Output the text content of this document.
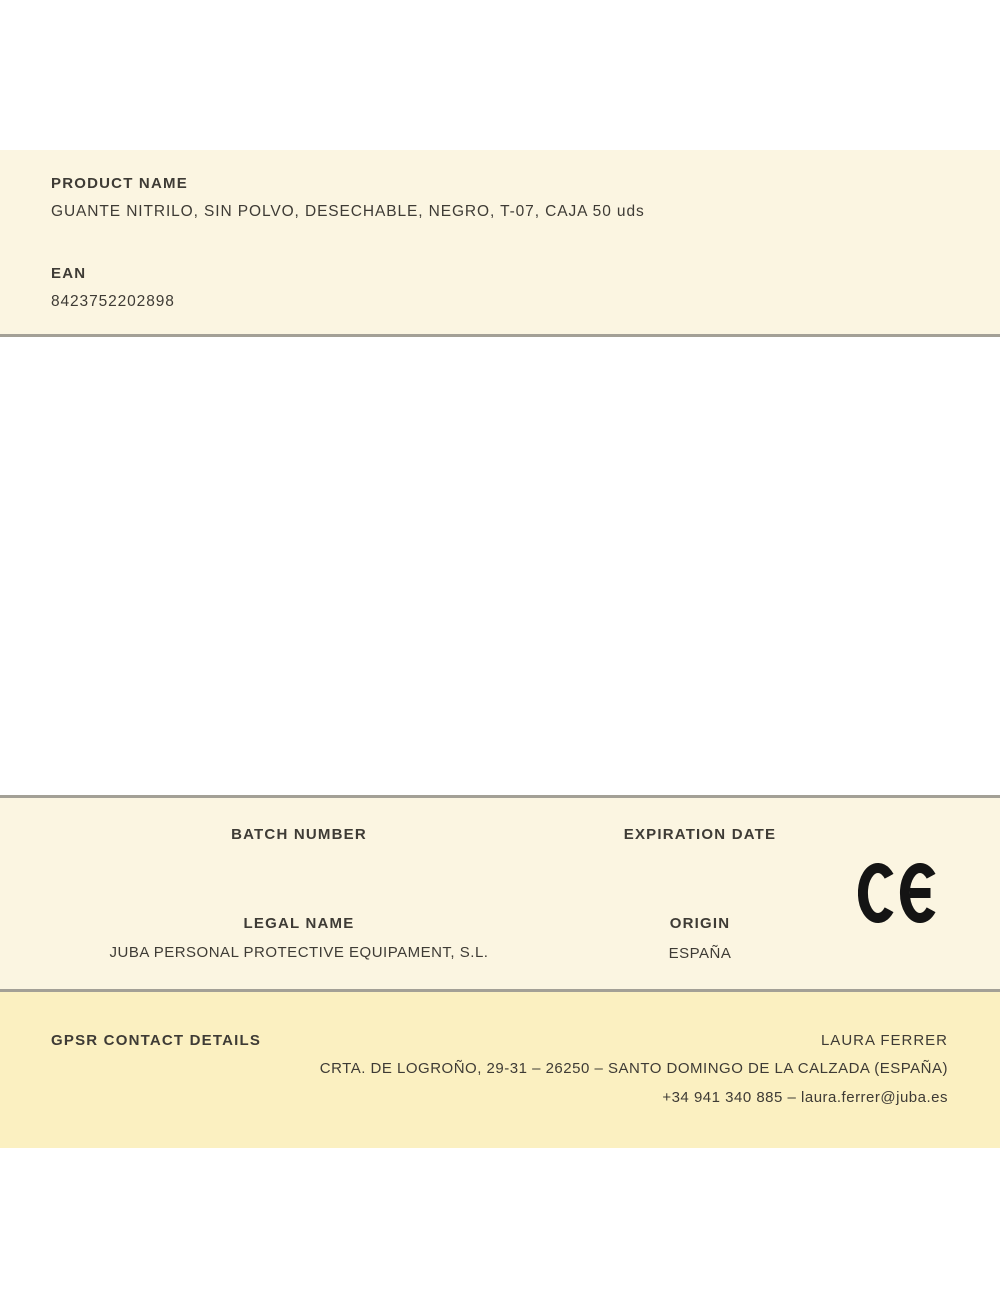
PRODUCT NAME
GUANTE NITRILO, SIN POLVO, DESECHABLE, NEGRO, T-07, CAJA 50 uds
EAN
8423752202898
BATCH NUMBER	EXPIRATION DATE
LEGAL NAME
JUBA PERSONAL PROTECTIVE EQUIPAMENT, S.L.
ORIGIN
ESPAÑA
GPSR CONTACT DETAILS	LAURA FERRER
CRTA. DE LOGROÑO, 29-31 – 26250 – SANTO DOMINGO DE LA CALZADA (ESPAÑA)
+34 941 340 885 – laura.ferrer@juba.es
